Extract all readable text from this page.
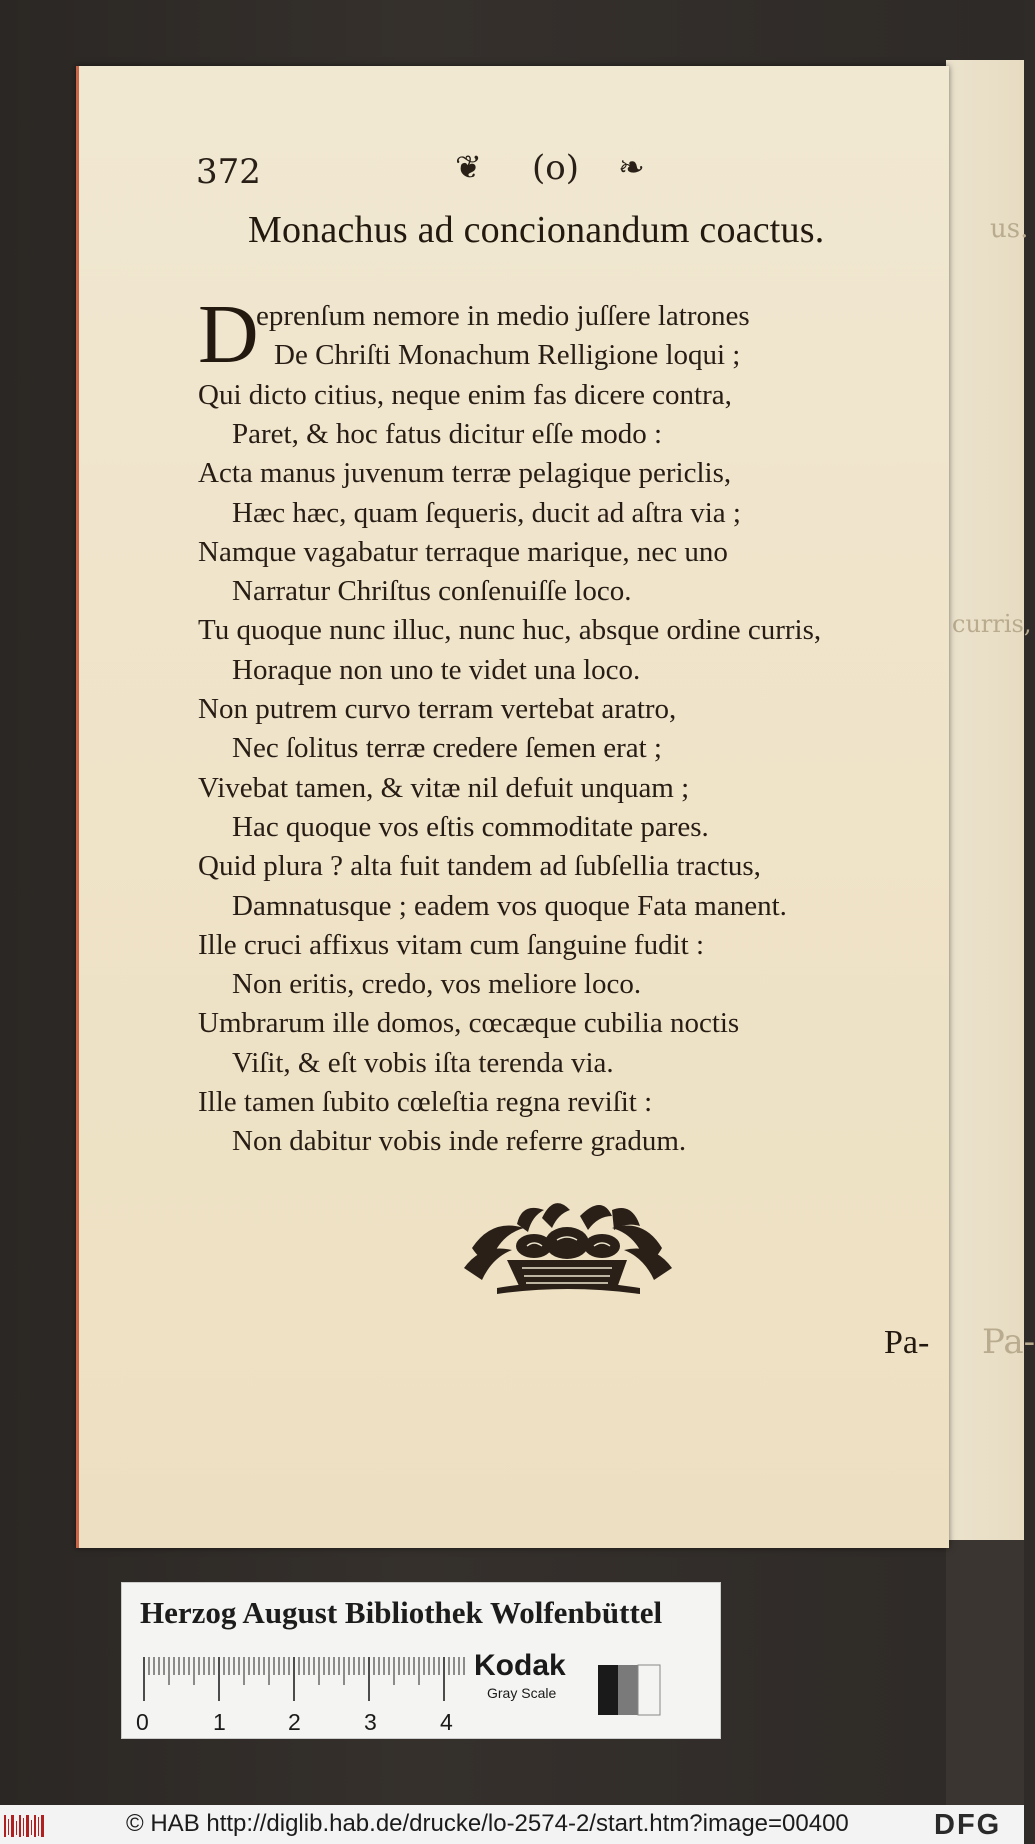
us.
curris,
Pa-
372	❦ (o) ❧
Monachus ad concionandum coactus.
D
eprenſum nemore in medio juſſere latrones
De Chriſti Monachum Relligione loqui ;
Qui dicto citius, neque enim fas dicere contra,
Paret, & hoc fatus dicitur eſſe modo :
Acta manus juvenum terræ pelagique periclis,
Hæc hæc, quam ſequeris, ducit ad aſtra via ;
Namque vagabatur terraque marique, nec uno
Narratur Chriſtus conſenuiſſe loco.
Tu quoque nunc illuc, nunc huc, absque ordine curris,
Horaque non uno te videt una loco.
Non putrem curvo terram vertebat aratro,
Nec ſolitus terræ credere ſemen erat ;
Vivebat tamen, & vitæ nil defuit unquam ;
Hac quoque vos eſtis commoditate pares.
Quid plura ? alta fuit tandem ad ſubſellia tractus,
Damnatusque ; eadem vos quoque Fata manent.
Ille cruci affixus vitam cum ſanguine fudit :
Non eritis, credo, vos meliore loco.
Umbrarum ille domos, cœcæque cubilia noctis
Viſit, & eſt vobis iſta terenda via.
Ille tamen ſubito cœleſtia regna reviſit :
Non dabitur vobis inde referre gradum.
Pa-
Herzog August Bibliothek Wolfenbüttel
0	1	2	3	4
Kodak
Gray Scale
© HAB http://diglib.hab.de/drucke/lo-2574-2/start.htm?image=00400	DFG
